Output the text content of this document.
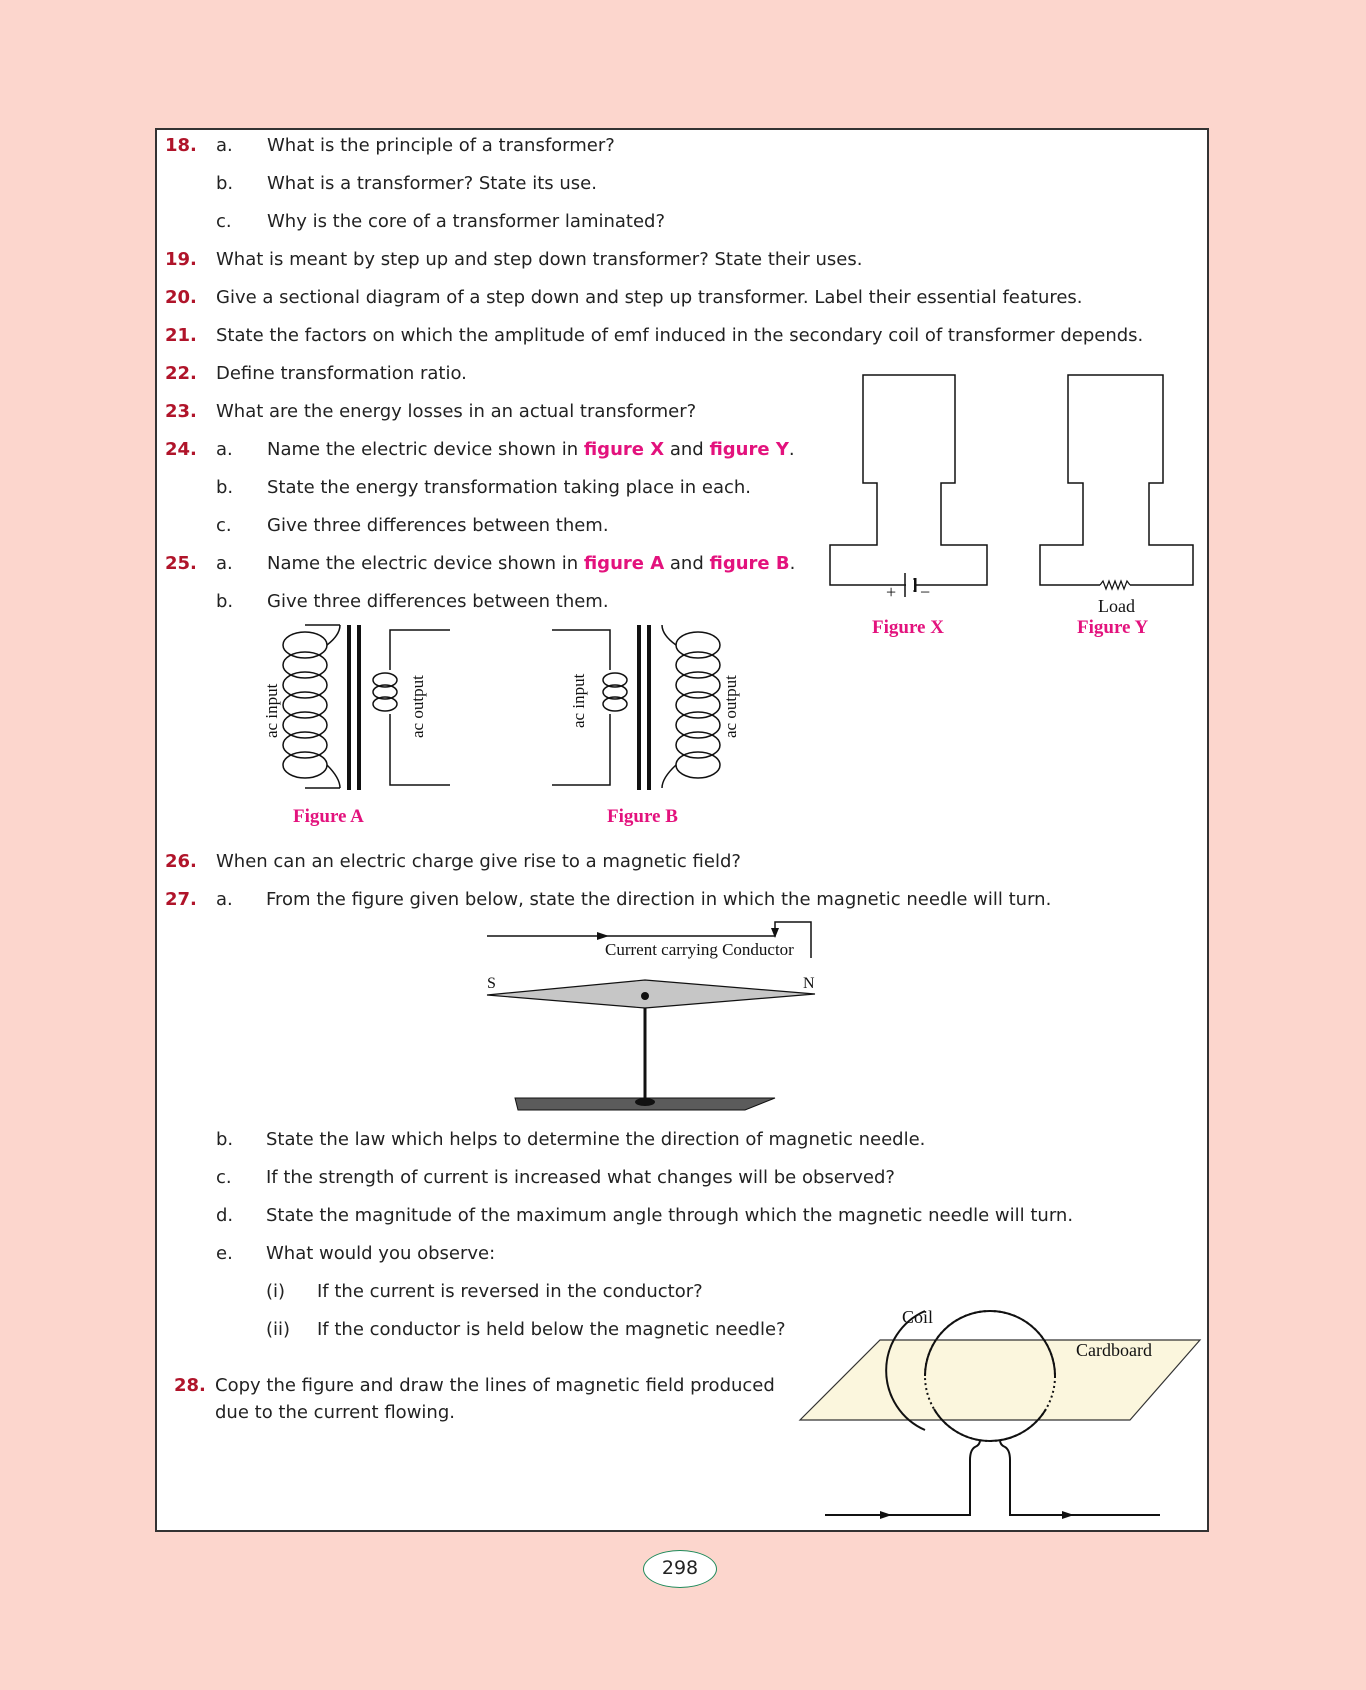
18. a. What is the principle of a transformer?
b. What is a transformer? State its use.
c. Why is the core of a transformer laminated?
19. What is meant by step up and step down transformer? State their uses.
20. Give a sectional diagram of a step down and step up transformer. Label their essential features.
21. State the factors on which the amplitude of emf induced in the secondary coil of transformer depends.
22. Define transformation ratio.
23. What are the energy losses in an actual transformer?
24. a. Name the electric device shown in figure X and figure Y.
b. State the energy transformation taking place in each.
c. Give three differences between them.
25. a. Name the electric device shown in figure A and figure B.
b. Give three differences between them.	+ −
Figure X
Load
Figure Y
ac input	ac output
Figure A
ac input	ac output
Figure B
26. When can an electric charge give rise to a magnetic field?
27. a. From the figure given below, state the direction in which the magnetic needle will turn.
Current carrying Conductor
S	N
b. State the law which helps to determine the direction of magnetic needle.
c. If the strength of current is increased what changes will be observed?
d. State the magnitude of the maximum angle through which the magnetic needle will turn.
e. What would you observe:
(i) If the current is reversed in the conductor?
(ii) If the conductor is held below the magnetic needle?
28. Copy the figure and draw the lines of magnetic field produced
due to the current flowing.
Coil
Cardboard
298
